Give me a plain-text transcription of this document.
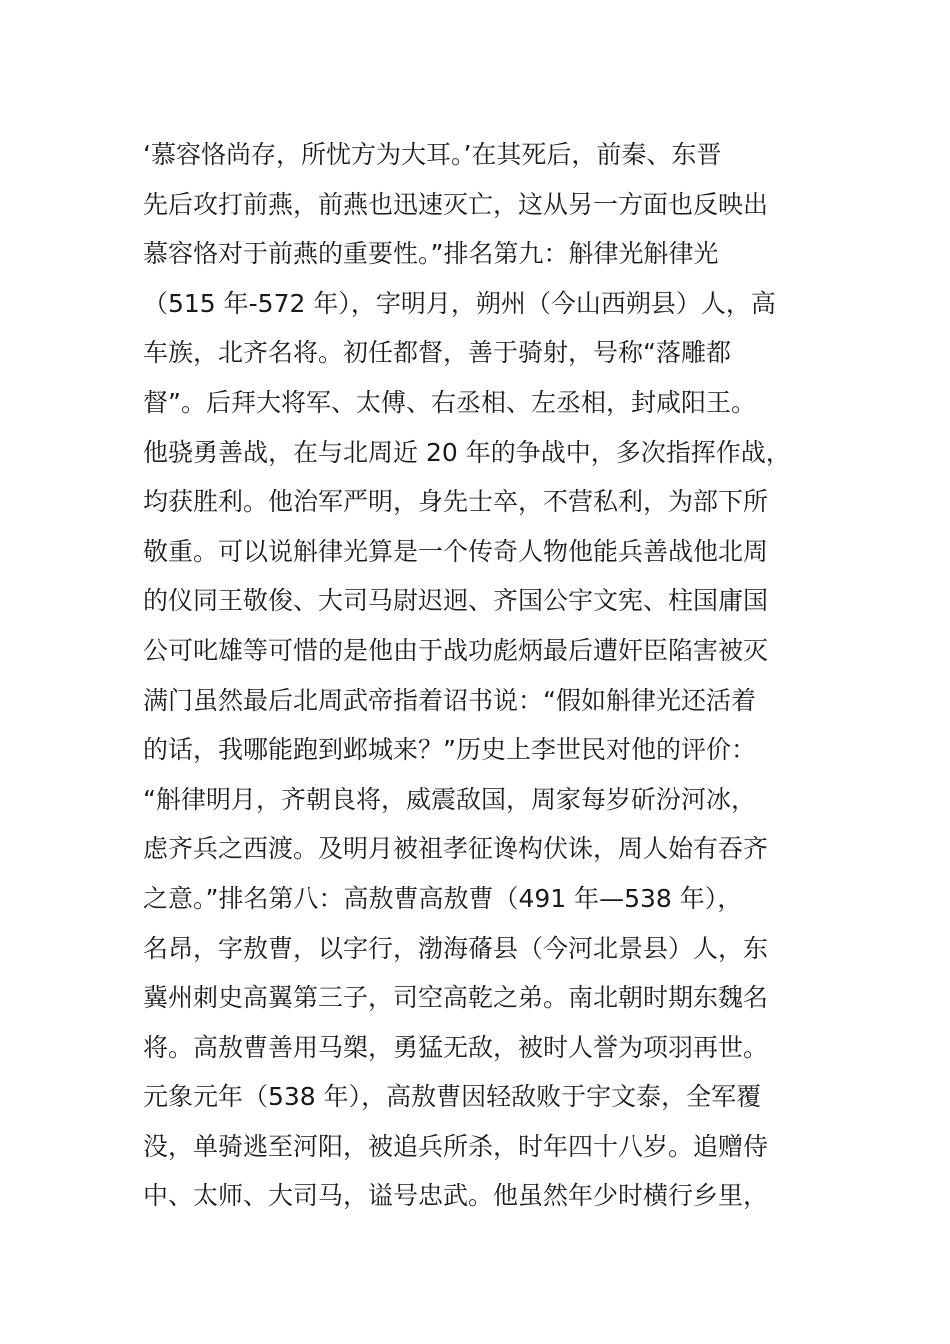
‘慕容恪尚存，所忧方为大耳。’在其死后，前秦、东晋
先后攻打前燕，前燕也迅速灭亡，这从另一方面也反映出
慕容恪对于前燕的重要性。”排名第九：斛律光斛律光
（515 年-572 年），字明月，朔州（今山西朔县）人，高
车族，北齐名将。初任都督，善于骑射，号称“落雕都
督”。后拜大将军、太傅、右丞相、左丞相，封咸阳王。
他骁勇善战，在与北周近 20 年的争战中，多次指挥作战，
均获胜利。他治军严明，身先士卒，不营私利，为部下所
敬重。可以说斛律光算是一个传奇人物他能兵善战他北周
的仪同王敬俊、大司马尉迟迥、齐国公宇文宪、柱国庸国
公可叱雄等可惜的是他由于战功彪炳最后遭奸臣陷害被灭
满门虽然最后北周武帝指着诏书说：“假如斛律光还活着
的话，我哪能跑到邺城来？”历史上李世民对他的评价：
“斛律明月，齐朝良将，威震敌国，周家每岁斫汾河冰，
虑齐兵之西渡。及明月被祖孝征谗构伏诛，周人始有吞齐
之意。”排名第八：高敖曹高敖曹（491 年—538 年），
名昂，字敖曹，以字行，渤海蓨县（今河北景县）人，东
冀州刺史高翼第三子，司空高乾之弟。南北朝时期东魏名
将。高敖曹善用马槊，勇猛无敌，被时人誉为项羽再世。
元象元年（538 年），高敖曹因轻敌败于宇文泰，全军覆
没，单骑逃至河阳，被追兵所杀，时年四十八岁。追赠侍
中、太师、大司马，谥号忠武。他虽然年少时横行乡里，
